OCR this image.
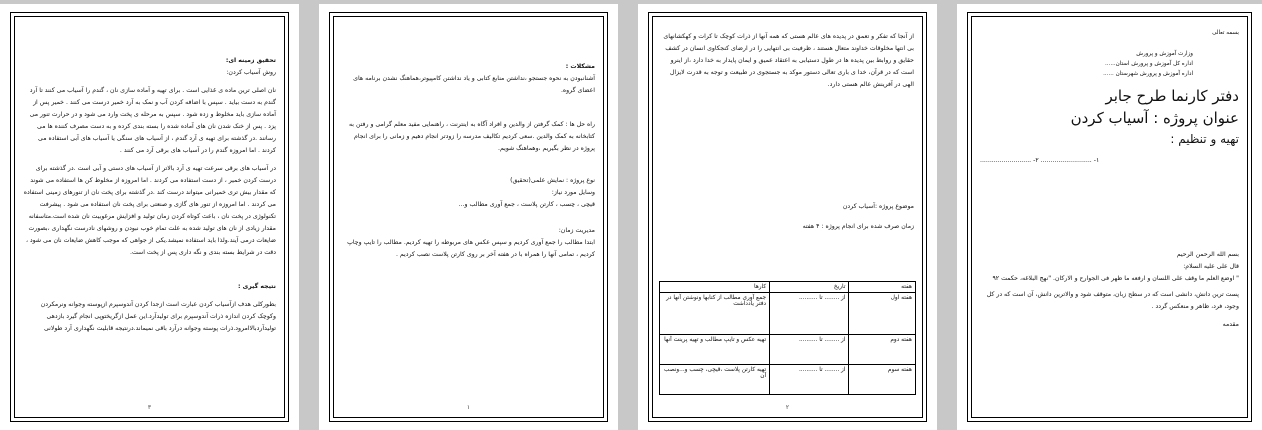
تحقیق زمینه ای:

روش آسیاب کردن:

نان اصلی ترین ماده ی غذایی است . برای تهیه و آماده سازی نان ، گندم را آسیاب می کنند تا آرد گندم به دست بیاید . سپس با اضافه کردن آب و نمک به آرد خمیر درست می کنند . خمیر پس از آماده سازی باید مخلوط و زده شود . سپس به مرحله ی پخت وارد می شود و در حرارت تنور می پزد . پس از خنک شدن نان های آماده شده را بسته بندی کرده و به دست مصرف کننده ها می رسانند .در گذشته برای تهیه ی آرد گندم ، از آسیاب های سنگی یا آسیاب های آبی استفاده می کردند . اما امروزه گندم را در آسیاب های برقی آرد می کنند .

در آسیاب های برقی سرعت تهیه ی آرد بالاتر از آسیاب های دستی و آبی است .در گذشته برای درست کردن خمیر ، از دست استفاده می کردند . اما امروزه از مخلوط کن ها استفاده می شوند که مقدار بیش تری خمیرانی میتواند درست کند .در گذشته برای پخت نان از تنورهای زمینی استفاده می کردند . اما امروزه از تنور های گازی و صنعتی برای پخت نان استفاده می شود . پیشرفت تکنولوژی در پخت نان ، باعث کوتاه کردن زمان تولید و افزایش مرغوبیت نان شده است.متاسفانه مقدار زیادی از نان های تولید شده به علت تمام خوب نبودن و روشهای نادرست نگهداری ،بصورت ضایعات درمی آیند.ولذا باید استفاده نمیشد.یکی از جواهی که موجب کاهش ضایعات نان می شود ، دقت در شرایط بسته بندی و نگه داری پس از پخت است.

نتیجه گیری :

بطورکلی هدف ازآسیاب کردن عبارت است ازجدا کردن آندوسپرم ازپوسته وجوانه ونرمکردن وکوچک کردن اندازه ذرات آندوسپرم برای تولیدآرد.این عمل ازگریختوپی انجام گیرد بازدهی تولیدآردبالاامرود.ذرات پوسته وجوانه درآرد باقی نمیماند.درنتیجه قابلیت نگهداری آرد طولانی

٣

مشکلات :

آشنانبودن به نحوه جستجو ،نداشتن منابع کتابی و یاد نداشتن کامپیوتر،هماهنگ نشدن برنامه های اعضای گروه.

راه حل ها : کمک گرفتن از والدین و افراد آگاه به اینترنت ، راهنمایی مفید معلم گرامی و رفتن به کتابخانه به کمک والدین .سعی کردیم تکالیف مدرسه را زودتر انجام دهیم و زمانی را برای انجام پروژه در نظر بگیریم ،وهماهنگ شویم.

نوع پروژه : نمایش علمی(تحقیق)

وسایل مورد نیاز:

قیچی ، چسب ، کارتن پلاست ، جمع آوری مطالب و...

مدیریت زمان:

ابتدا مطالب را جمع آوری کردیم و سپس عکس های مربوطه را تهیه کردیم. مطالب را تایپ وچاپ کردیم ، تمامی آنها را همراه با در هفته آخر بر روی کارتن پلاست نصب کردیم .

١

از آنجا که تفکر و تعمق در پدیده های عالم هستی که همه آنها از ذرات کوچک تا کرات و کهکشانهای بی انتها مخلوقات خداوند متعال هستند ، ظرفیت بی انتهایی را در ارضای کنجکاوی انسان در کشف حقایق و روابط بین پدیده ها در طول دستیابی به اعتقاد عمیق و ایمان پایدار به خدا دارد ،از اینرو است که در قرآن، خدا ی باری تعالی دستور موکد به جستجوی در طبیعت و توجه به قدرت لایزال الهی در آفرینش عالم هستی دارد.

موضوع پروژه :آسیاب کردن

زمان صرف شده برای انجام پروژه : ۴ هفته

هفته	تاریخ	کارها
هفته اول	از ........ تا ..........	جمع آوری مطالب از کتابها ونوشتن آنها در دفتر یادداشت
هفته دوم	از ........ تا ..........	تهیه عکس و تایپ مطالب و تهیه پرینت آنها
هفته سوم	از ........ تا ..........	تهیه کارتن پلاست ،قیچی، چسب و...ونصب آن
٢

بسمه تعالی

وزارت آموزش و پرورش
اداره کل آموزش و پرورش استان......
اداره آموزش و پرورش شهرستان ......
دفتر کارنما طرح جابر
عنوان پروژه : آسیاب کردن
تهیه و تنظیم :
۱- .......................... ۲- ..........................

بسم الله الرحمن الرحیم

قال علی علیه السلام:

" اوضع العلم ما وقف علی اللسان و ارفعه ما ظهر فی الجوارح و الارکان. "نهج البلاغه، حکمت ۹۲

پست ترین دانش، دانشی است که در سطح زبان، متوقف شود و والاترین دانش، آن است که در کل وجود، فرد، ظاهر و منعکس گردد .

مقدمه
